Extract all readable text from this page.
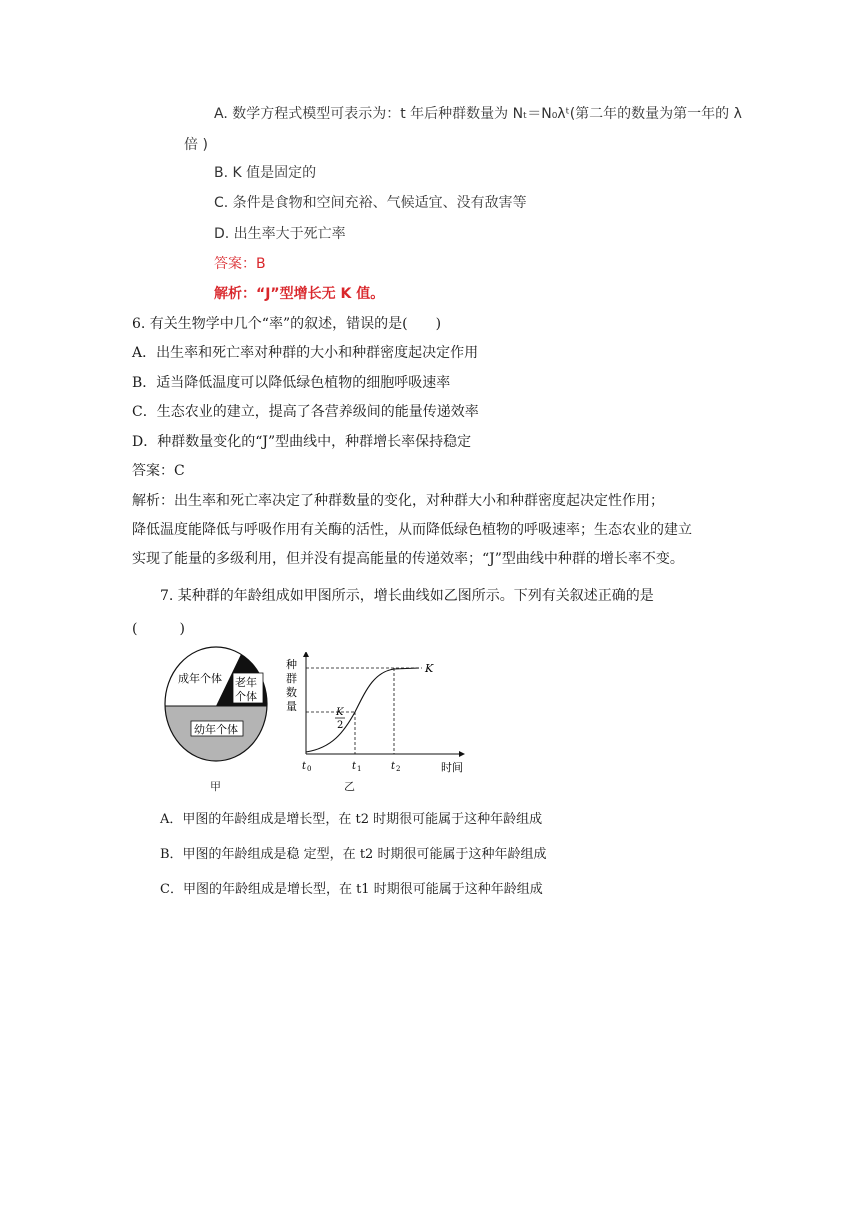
A. 数学方程式模型可表示为：t 年后种群数量为 Nₜ＝N₀λᵗ(第二年的数量为第一年的 λ
倍 )
B. K 值是固定的
C. 条件是食物和空间充裕、气候适宜、没有敌害等
D. 出生率大于死亡率
答案：B
解析：“J”型增长无 K 值。
6. 有关生物学中几个“率”的叙述，错误的是(　　)
A．出生率和死亡率对种群的大小和种群密度起决定作用
B．适当降低温度可以降低绿色植物的细胞呼吸速率
C．生态农业的建立，提高了各营养级间的能量传递效率
D．种群数量变化的“J”型曲线中，种群增长率保持稳定
答案：C
解析：出生率和死亡率决定了种群数量的变化，对种群大小和种群密度起决定性作用；
降低温度能降低与呼吸作用有关酶的活性，从而降低绿色植物的呼吸速率；生态农业的建立
实现了能量的多级利用，但并没有提高能量的传递效率；“J”型曲线中种群的增长率不变。
7. 某种群的年龄组成如甲图所示，增长曲线如乙图所示。下列有关叙述正确的是
(　　　)
成年个体 老年
个体
幼年个体
甲
种
群
数
量
K
K
2
t 0	t 1	t 2	时间
乙
A．甲图的年龄组成是增长型，在 t2 时期很可能属于这种年龄组成
B．甲图的年龄组成是稳 定型，在 t2 时期很可能属于这种年龄组成
C．甲图的年龄组成是增长型，在 t1 时期很可能属于这种年龄组成
